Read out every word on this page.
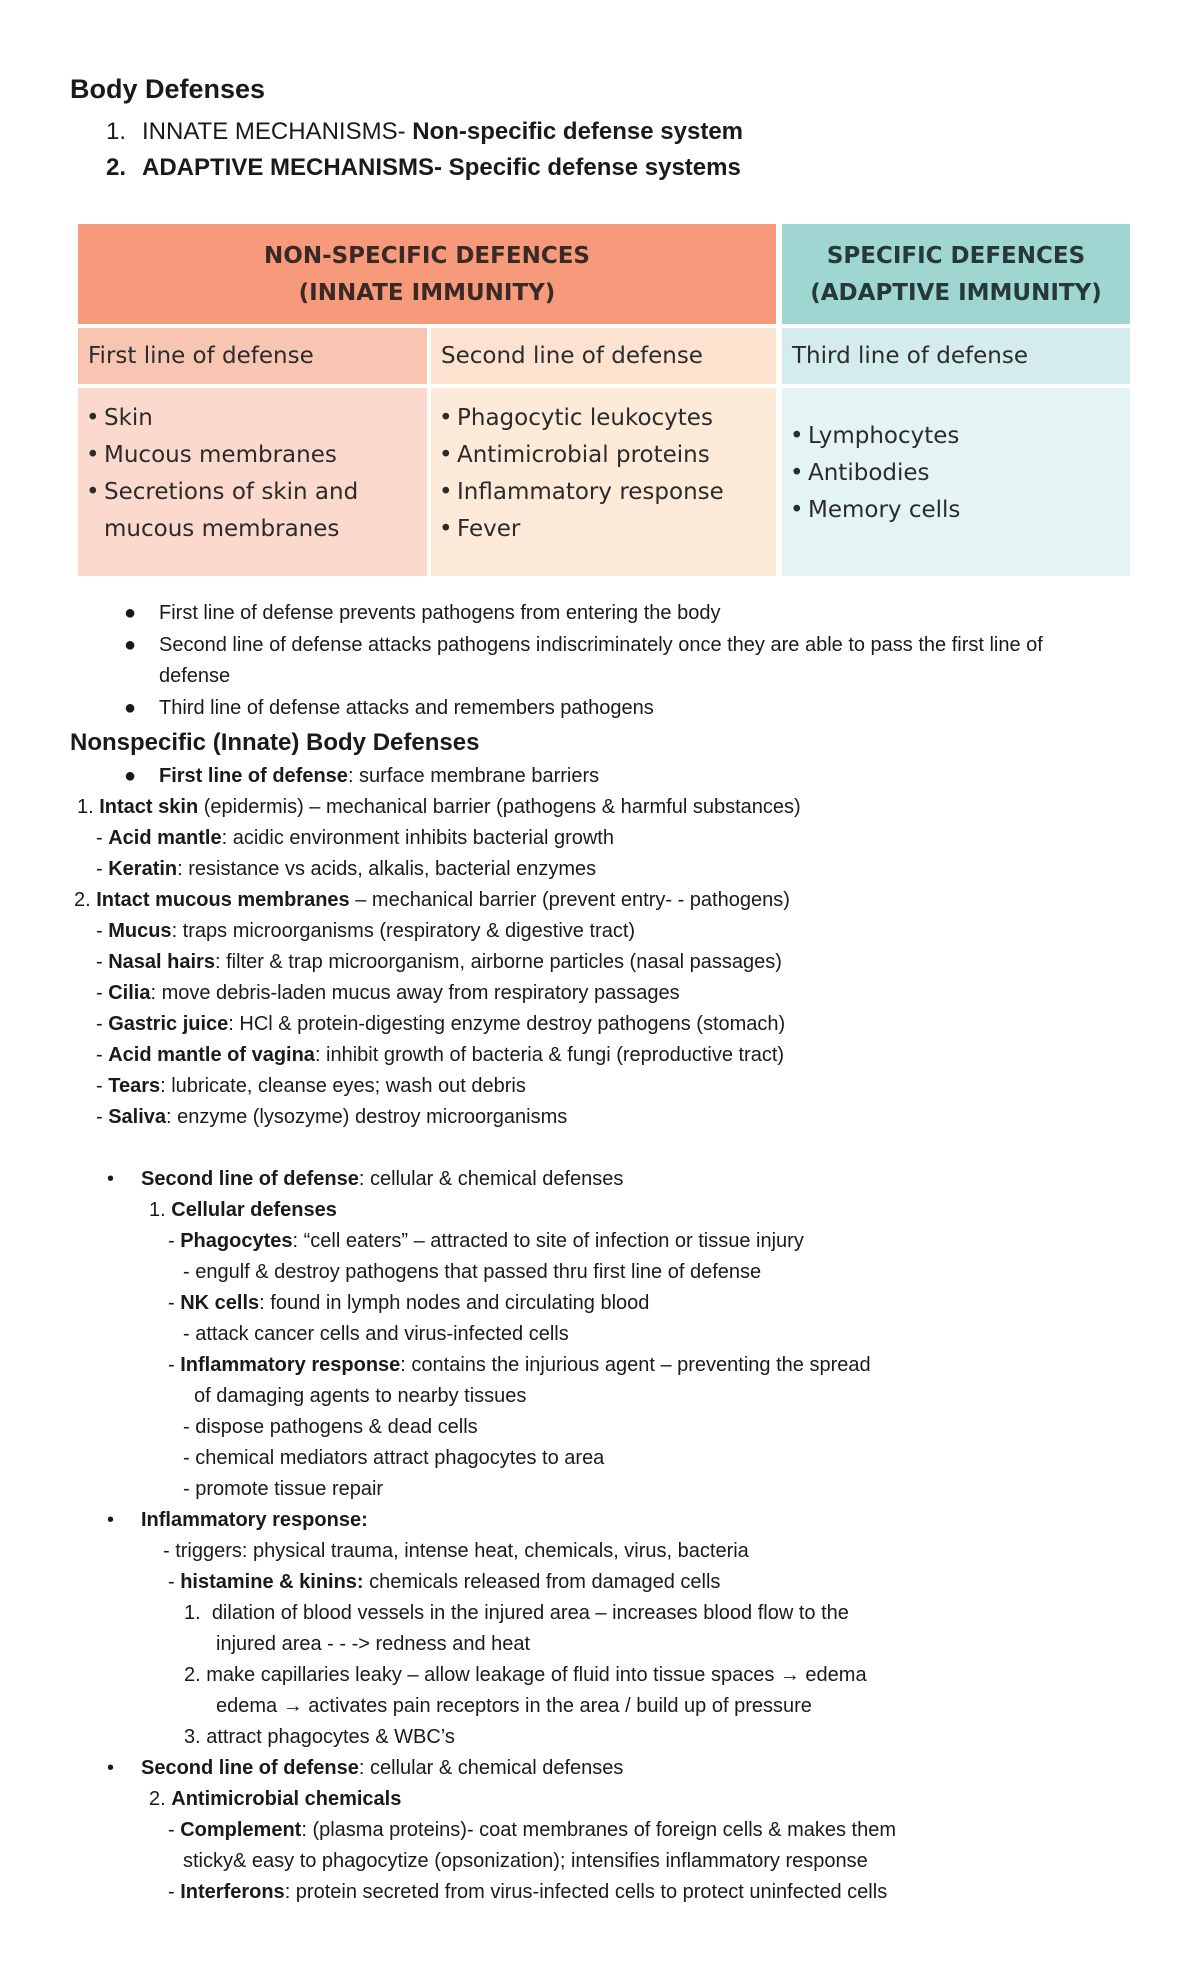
Body Defenses
1. INNATE MECHANISMS- Non-specific defense system
2. ADAPTIVE MECHANISMS- Specific defense systems
NON-SPECIFIC DEFENCES
(INNATE IMMUNITY)
SPECIFIC DEFENCES
(ADAPTIVE IMMUNITY)
First line of defense	Second line of defense	Third line of defense
• Skin
• Mucous membranes
• Secretions of skin and
mucous membranes
• Phagocytic leukocytes
• Antimicrobial proteins
• Inflammatory response
• Fever
• Lymphocytes
• Antibodies
• Memory cells
● First line of defense prevents pathogens from entering the body
● Second line of defense attacks pathogens indiscriminately once they are able to pass the first line of
defense
● Third line of defense attacks and remembers pathogens
Nonspecific (Innate) Body Defenses
● First line of defense: surface membrane barriers
1. Intact skin (epidermis) – mechanical barrier (pathogens & harmful substances)
- Acid mantle: acidic environment inhibits bacterial growth
- Keratin: resistance vs acids, alkalis, bacterial enzymes
2. Intact mucous membranes – mechanical barrier (prevent entry- - pathogens)
- Mucus: traps microorganisms (respiratory & digestive tract)
- Nasal hairs: filter & trap microorganism, airborne particles (nasal passages)
- Cilia: move debris-laden mucus away from respiratory passages
- Gastric juice: HCl & protein-digesting enzyme destroy pathogens (stomach)
- Acid mantle of vagina: inhibit growth of bacteria & fungi (reproductive tract)
- Tears: lubricate, cleanse eyes; wash out debris
- Saliva: enzyme (lysozyme) destroy microorganisms
• Second line of defense: cellular & chemical defenses
1. Cellular defenses
- Phagocytes: “cell eaters” – attracted to site of infection or tissue injury
- engulf & destroy pathogens that passed thru first line of defense
- NK cells: found in lymph nodes and circulating blood
- attack cancer cells and virus-infected cells
- Inflammatory response: contains the injurious agent – preventing the spread
of damaging agents to nearby tissues
- dispose pathogens & dead cells
- chemical mediators attract phagocytes to area
- promote tissue repair
• Inflammatory response:
- triggers: physical trauma, intense heat, chemicals, virus, bacteria
- histamine & kinins: chemicals released from damaged cells
1. dilation of blood vessels in the injured area – increases blood flow to the
injured area - - -> redness and heat
2. make capillaries leaky – allow leakage of fluid into tissue spaces → edema
edema → activates pain receptors in the area / build up of pressure
3. attract phagocytes & WBC’s
• Second line of defense: cellular & chemical defenses
2. Antimicrobial chemicals
- Complement: (plasma proteins)- coat membranes of foreign cells & makes them
sticky& easy to phagocytize (opsonization); intensifies inflammatory response
- Interferons: protein secreted from virus-infected cells to protect uninfected cells
